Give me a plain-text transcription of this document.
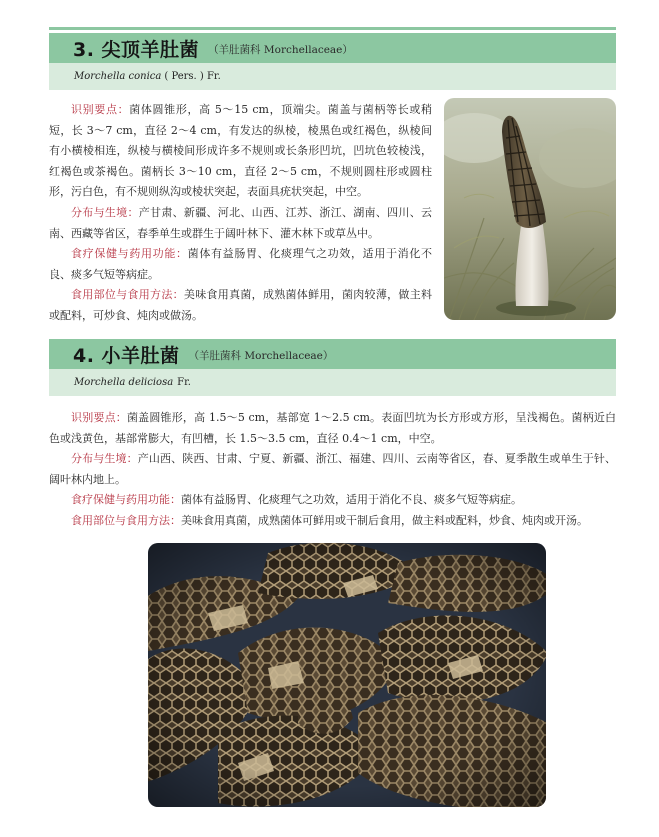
3. 尖顶羊肚菌 （羊肚菌科 Morchellaceae）
Morchella conica ( Pers. ) Fr.
识别要点：菌体圆锥形，高 5～15 cm，顶端尖。菌盖与菌柄等长或稍短，长 3～7 cm，直径 2～4 cm，有发达的纵棱，棱黑色或红褐色，纵棱间有小横棱相连，纵棱与横棱间形成许多不规则或长条形凹坑，凹坑色较棱浅，红褐色或茶褐色。菌柄长 3～10 cm，直径 2～5 cm，不规则圆柱形或圆柱形，污白色，有不规则纵沟或棱状突起，表面具疣状突起，中空。
分布与生境：产甘肃、新疆、河北、山西、江苏、浙江、湖南、四川、云南、西藏等省区，春季单生或群生于阔叶林下、灌木林下或草丛中。
食疗保健与药用功能：菌体有益肠胃、化痰理气之功效，适用于消化不良、痰多气短等病症。
食用部位与食用方法：美味食用真菌，成熟菌体鲜用，菌肉较薄，做主料或配料，可炒食、炖肉或做汤。
4. 小羊肚菌 （羊肚菌科 Morchellaceae）
Morchella deliciosa Fr.
识别要点：菌盖圆锥形，高 1.5～5 cm，基部宽 1～2.5 cm。表面凹坑为长方形或方形，呈浅褐色。菌柄近白色或浅黄色，基部常膨大，有凹槽，长 1.5～3.5 cm，直径 0.4～1 cm，中空。
分布与生境：产山西、陕西、甘肃、宁夏、新疆、浙江、福建、四川、云南等省区，春、夏季散生或单生于针、阔叶林内地上。
食疗保健与药用功能：菌体有益肠胃、化痰理气之功效，适用于消化不良、痰多气短等病症。
食用部位与食用方法：美味食用真菌，成熟菌体可鲜用或干制后食用，做主料或配料，炒食、炖肉或开汤。
